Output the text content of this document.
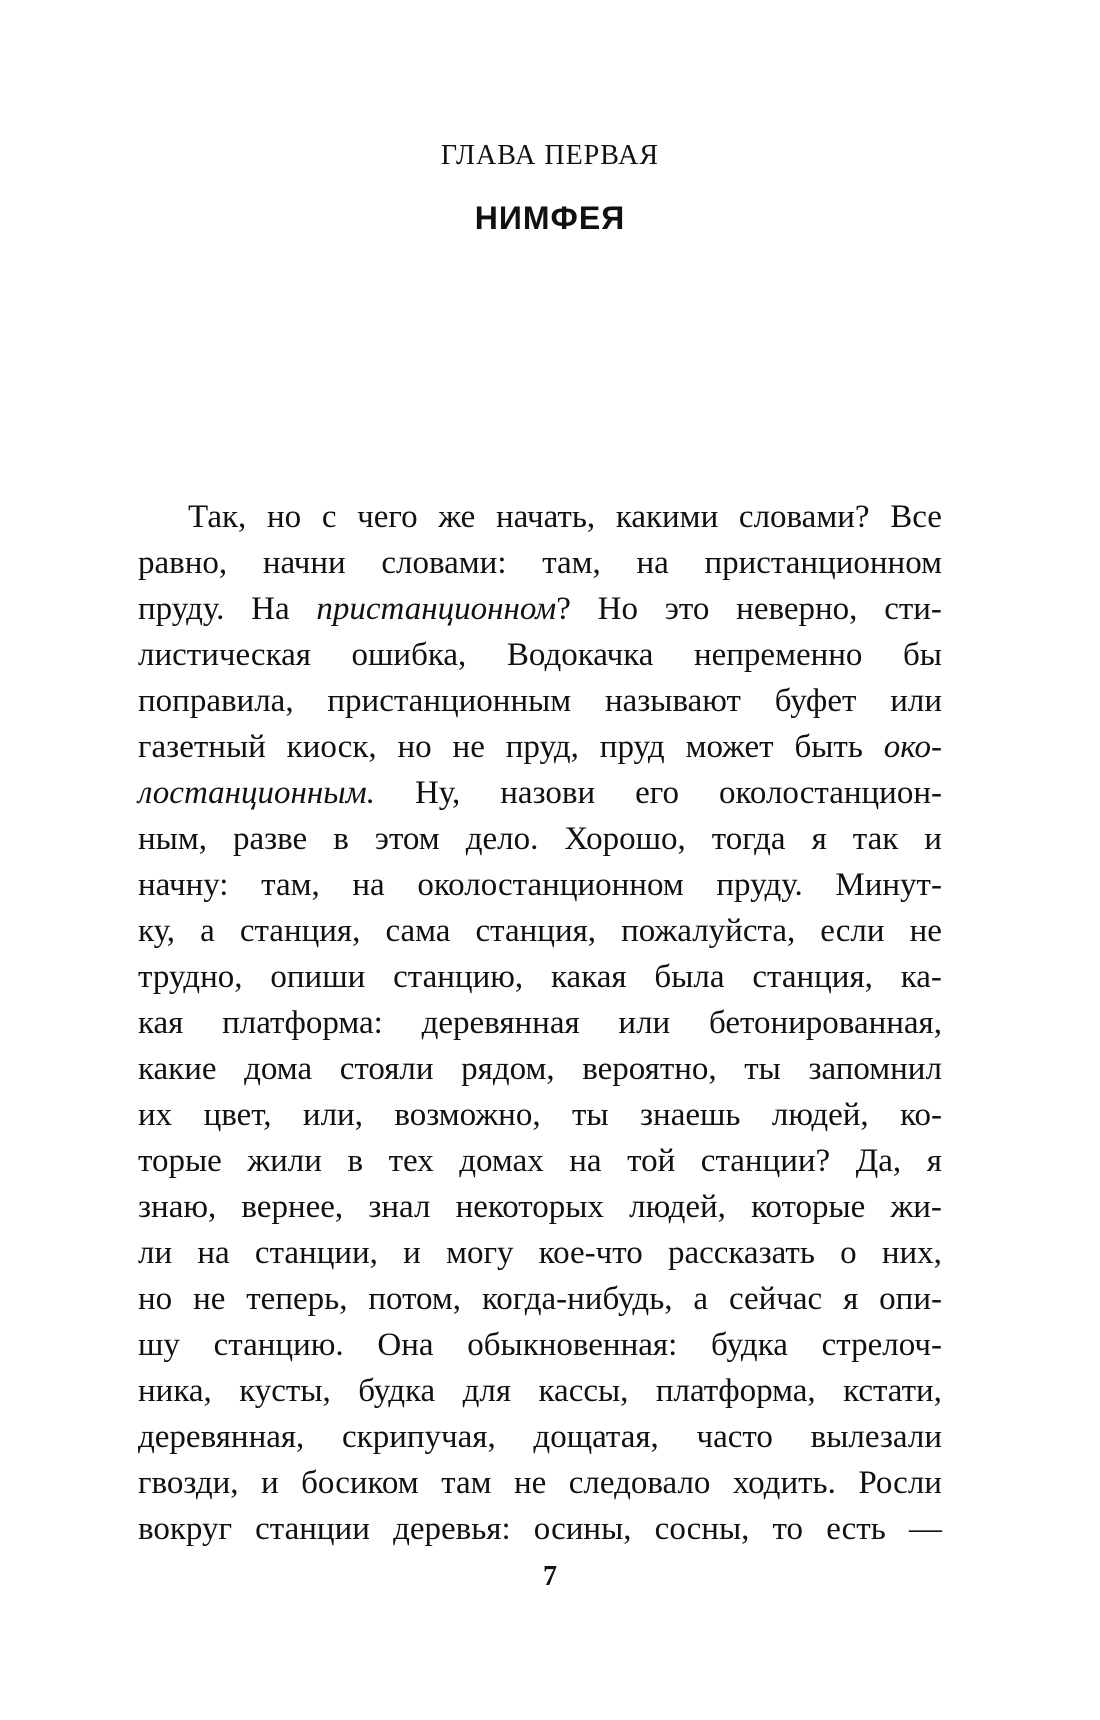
ГЛАВА ПЕРВАЯ
НИМФЕЯ
Так, но с чего же начать, какими словами? Все
равно, начни словами: там, на пристанционном
пруду. На пристанционном? Но это неверно, сти-
листическая ошибка, Водокачка непременно бы
поправила, пристанционным называют буфет или
газетный киоск, но не пруд, пруд может быть око-
лостанционным. Ну, назови его околостанцион-
ным, разве в этом дело. Хорошо, тогда я так и
начну: там, на околостанционном пруду. Минут-
ку, а станция, сама станция, пожалуйста, если не
трудно, опиши станцию, какая была станция, ка-
кая платформа: деревянная или бетонированная,
какие дома стояли рядом, вероятно, ты запомнил
их цвет, или, возможно, ты знаешь людей, ко-
торые жили в тех домах на той станции? Да, я
знаю, вернее, знал некоторых людей, которые жи-
ли на станции, и могу кое-что рассказать о них,
но не теперь, потом, когда-нибудь, а сейчас я опи-
шу станцию. Она обыкновенная: будка стрелоч-
ника, кусты, будка для кассы, платформа, кстати,
деревянная, скрипучая, дощатая, часто вылезали
гвозди, и босиком там не следовало ходить. Росли
вокруг станции деревья: осины, сосны, то есть —
7
